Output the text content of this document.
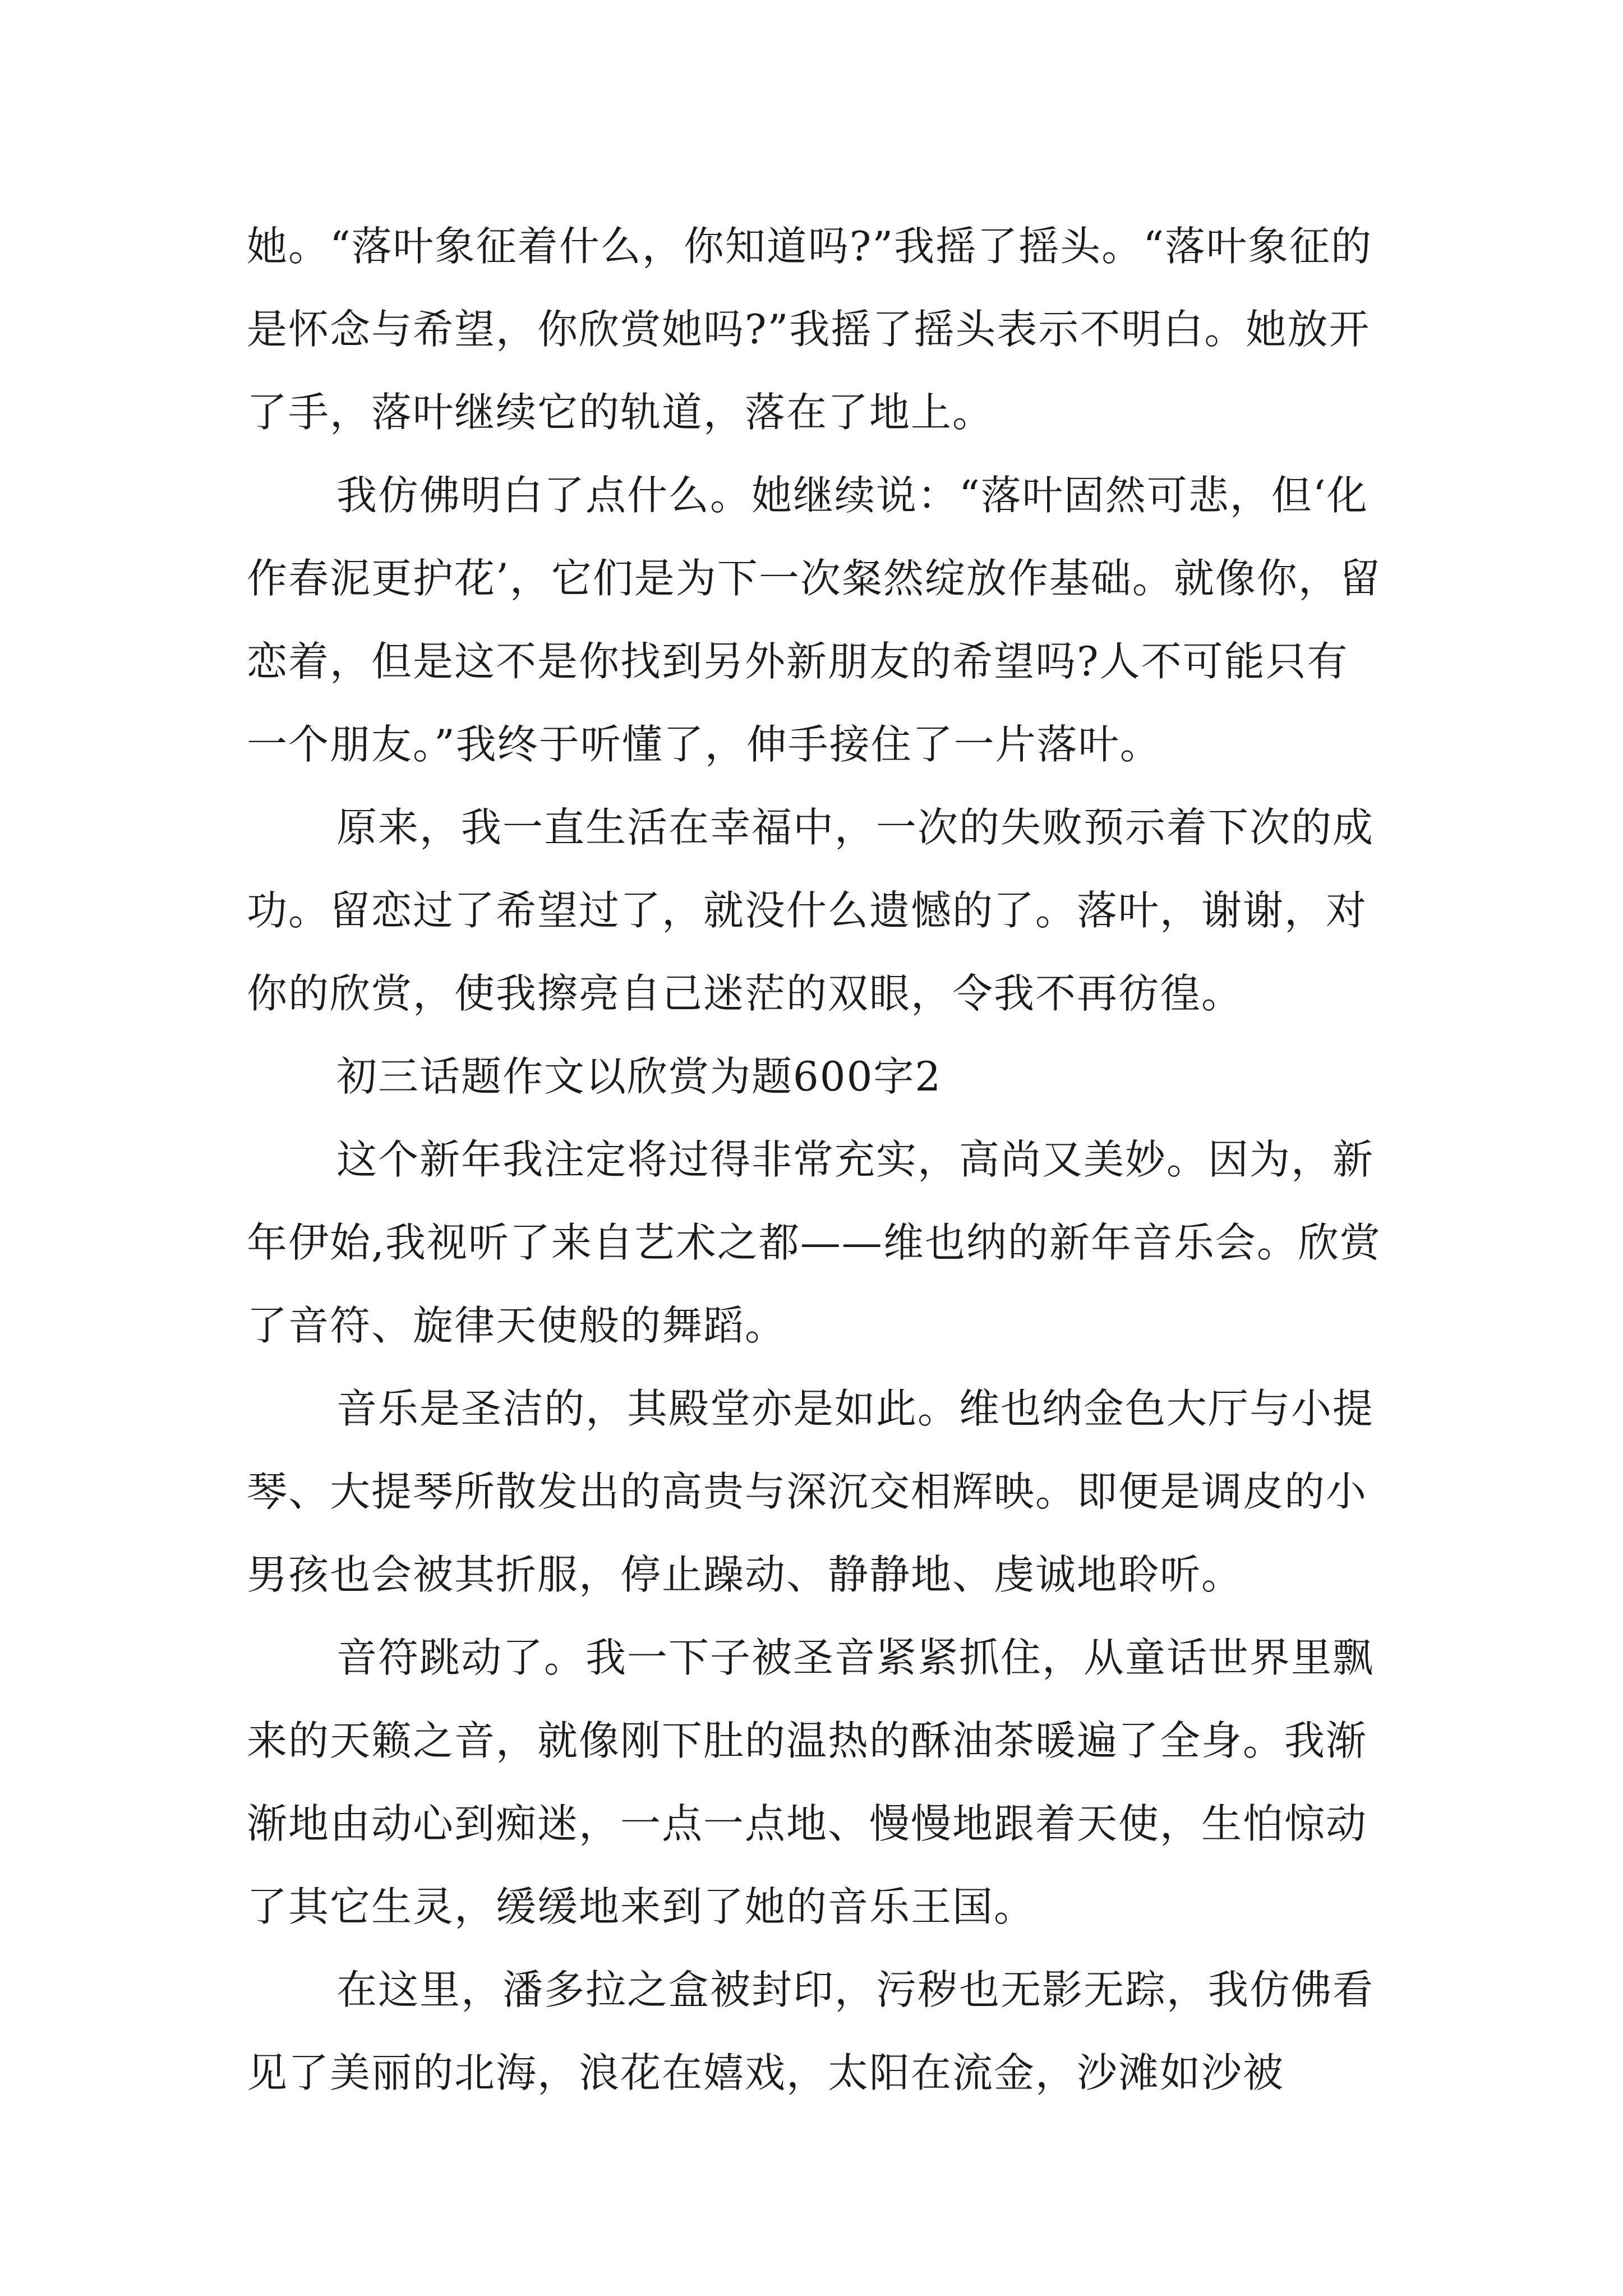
她。“落叶象征着什么，你知道吗?”我摇了摇头。“落叶象征的是怀念与希望，你欣赏她吗?”我摇了摇头表示不明白。她放开了手，落叶继续它的轨道，落在了地上。

我仿佛明白了点什么。她继续说：“落叶固然可悲，但‘化作春泥更护花’，它们是为下一次粲然绽放作基础。就像你，留恋着，但是这不是你找到另外新朋友的希望吗?人不可能只有一个朋友。”我终于听懂了，伸手接住了一片落叶。

原来，我一直生活在幸福中，一次的失败预示着下次的成功。留恋过了希望过了，就没什么遗憾的了。落叶，谢谢，对你的欣赏，使我擦亮自己迷茫的双眼，令我不再彷徨。

初三话题作文以欣赏为题600字2

这个新年我注定将过得非常充实，高尚又美妙。因为，新年伊始,我视听了来自艺术之都——维也纳的新年音乐会。欣赏了音符、旋律天使般的舞蹈。

音乐是圣洁的，其殿堂亦是如此。维也纳金色大厅与小提琴、大提琴所散发出的高贵与深沉交相辉映。即便是调皮的小男孩也会被其折服，停止躁动、静静地、虔诚地聆听。

音符跳动了。我一下子被圣音紧紧抓住，从童话世界里飘来的天籁之音，就像刚下肚的温热的酥油茶暖遍了全身。我渐渐地由动心到痴迷，一点一点地、慢慢地跟着天使，生怕惊动了其它生灵，缓缓地来到了她的音乐王国。

在这里，潘多拉之盒被封印，污秽也无影无踪，我仿佛看见了美丽的北海，浪花在嬉戏，太阳在流金，沙滩如沙被
